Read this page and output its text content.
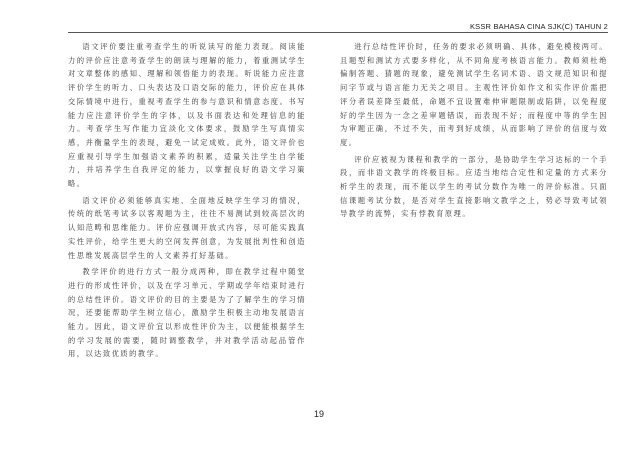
KSSR BAHASA CINA SJK(C) TAHUN 2

语文评价要注重考查学生的听说读写的能力表现。阅读能力的评价应注意考查学生的朗读与理解的能力，着重测试学生对文章整体的感知、理解和领悟能力的表现。听说能力应注意评价学生的听力、口头表达及口语交际的能力，评价应在具体交际情境中进行，重视考查学生的参与意识和情意态度。书写能力应注意评价学生的字体，以及书面表达和处理信息的能力。考查学生写作能力宜淡化文体要求，鼓励学生写真情实感，并衡量学生的表现，避免一试定成败。此外，语文评价也应重视引导学生加强语文素养的积累，适量关注学生自学能力，并培养学生自我评定的能力，以掌握良好的语文学习策略。

语文评价必须能够真实地、全面地反映学生学习的情况，传统的纸笔考试多以客观题为主，往往不易测试到较高层次的认知范畴和思维能力。评价应强调开放式内容，尽可能实践真实性评价，给学生更大的空间发挥创意，为发展批判性和创造性思维发展高层学生的人文素养打好基础。

教学评价的进行方式一般分成两种，即在教学过程中随堂进行的形成性评价，以及在学习单元、学期或学年结束时进行的总结性评价。语文评价的目的主要是为了了解学生的学习情况，还要能帮助学生树立信心，激励学生积极主动地发展语言能力。因此，语文评价宜以形成性评价为主，以便能根据学生的学习发展的需要，随时调整教学，并对教学活动起品管作用，以达致优质的教学。

进行总结性评价时，任务的要求必须明确、具体，避免模棱两可。且题型和测试方式要多样化，从不同角度考核语言能力。教师须杜绝偏制答题、猜题的现象，避免测试学生名词术语、语文规范知识和提问字节或与语言能力无关之项目。主观性评价如作文和实作评价需把评分者误差降至最低，命题不宜设置难伸审题限制或陷阱，以免程度好的学生因为一念之差审题错误，而表现不好；而程度中等的学生因为审题正确，不过不失，而考到好成绩，从而影响了评价的信度与效度。

评价应被视为课程和教学的一部分，是协助学生学习达标的一个手段，而非语文教学的终极目标。应适当地结合定性和定量的方式来分析学生的表现，而不能以学生的考试分数作为唯一的评价标准。只面信课题考试分数，是否对学生直接影响文教学之上，势必导致考试领导教学的流弊，实有悖教育原理。

19
